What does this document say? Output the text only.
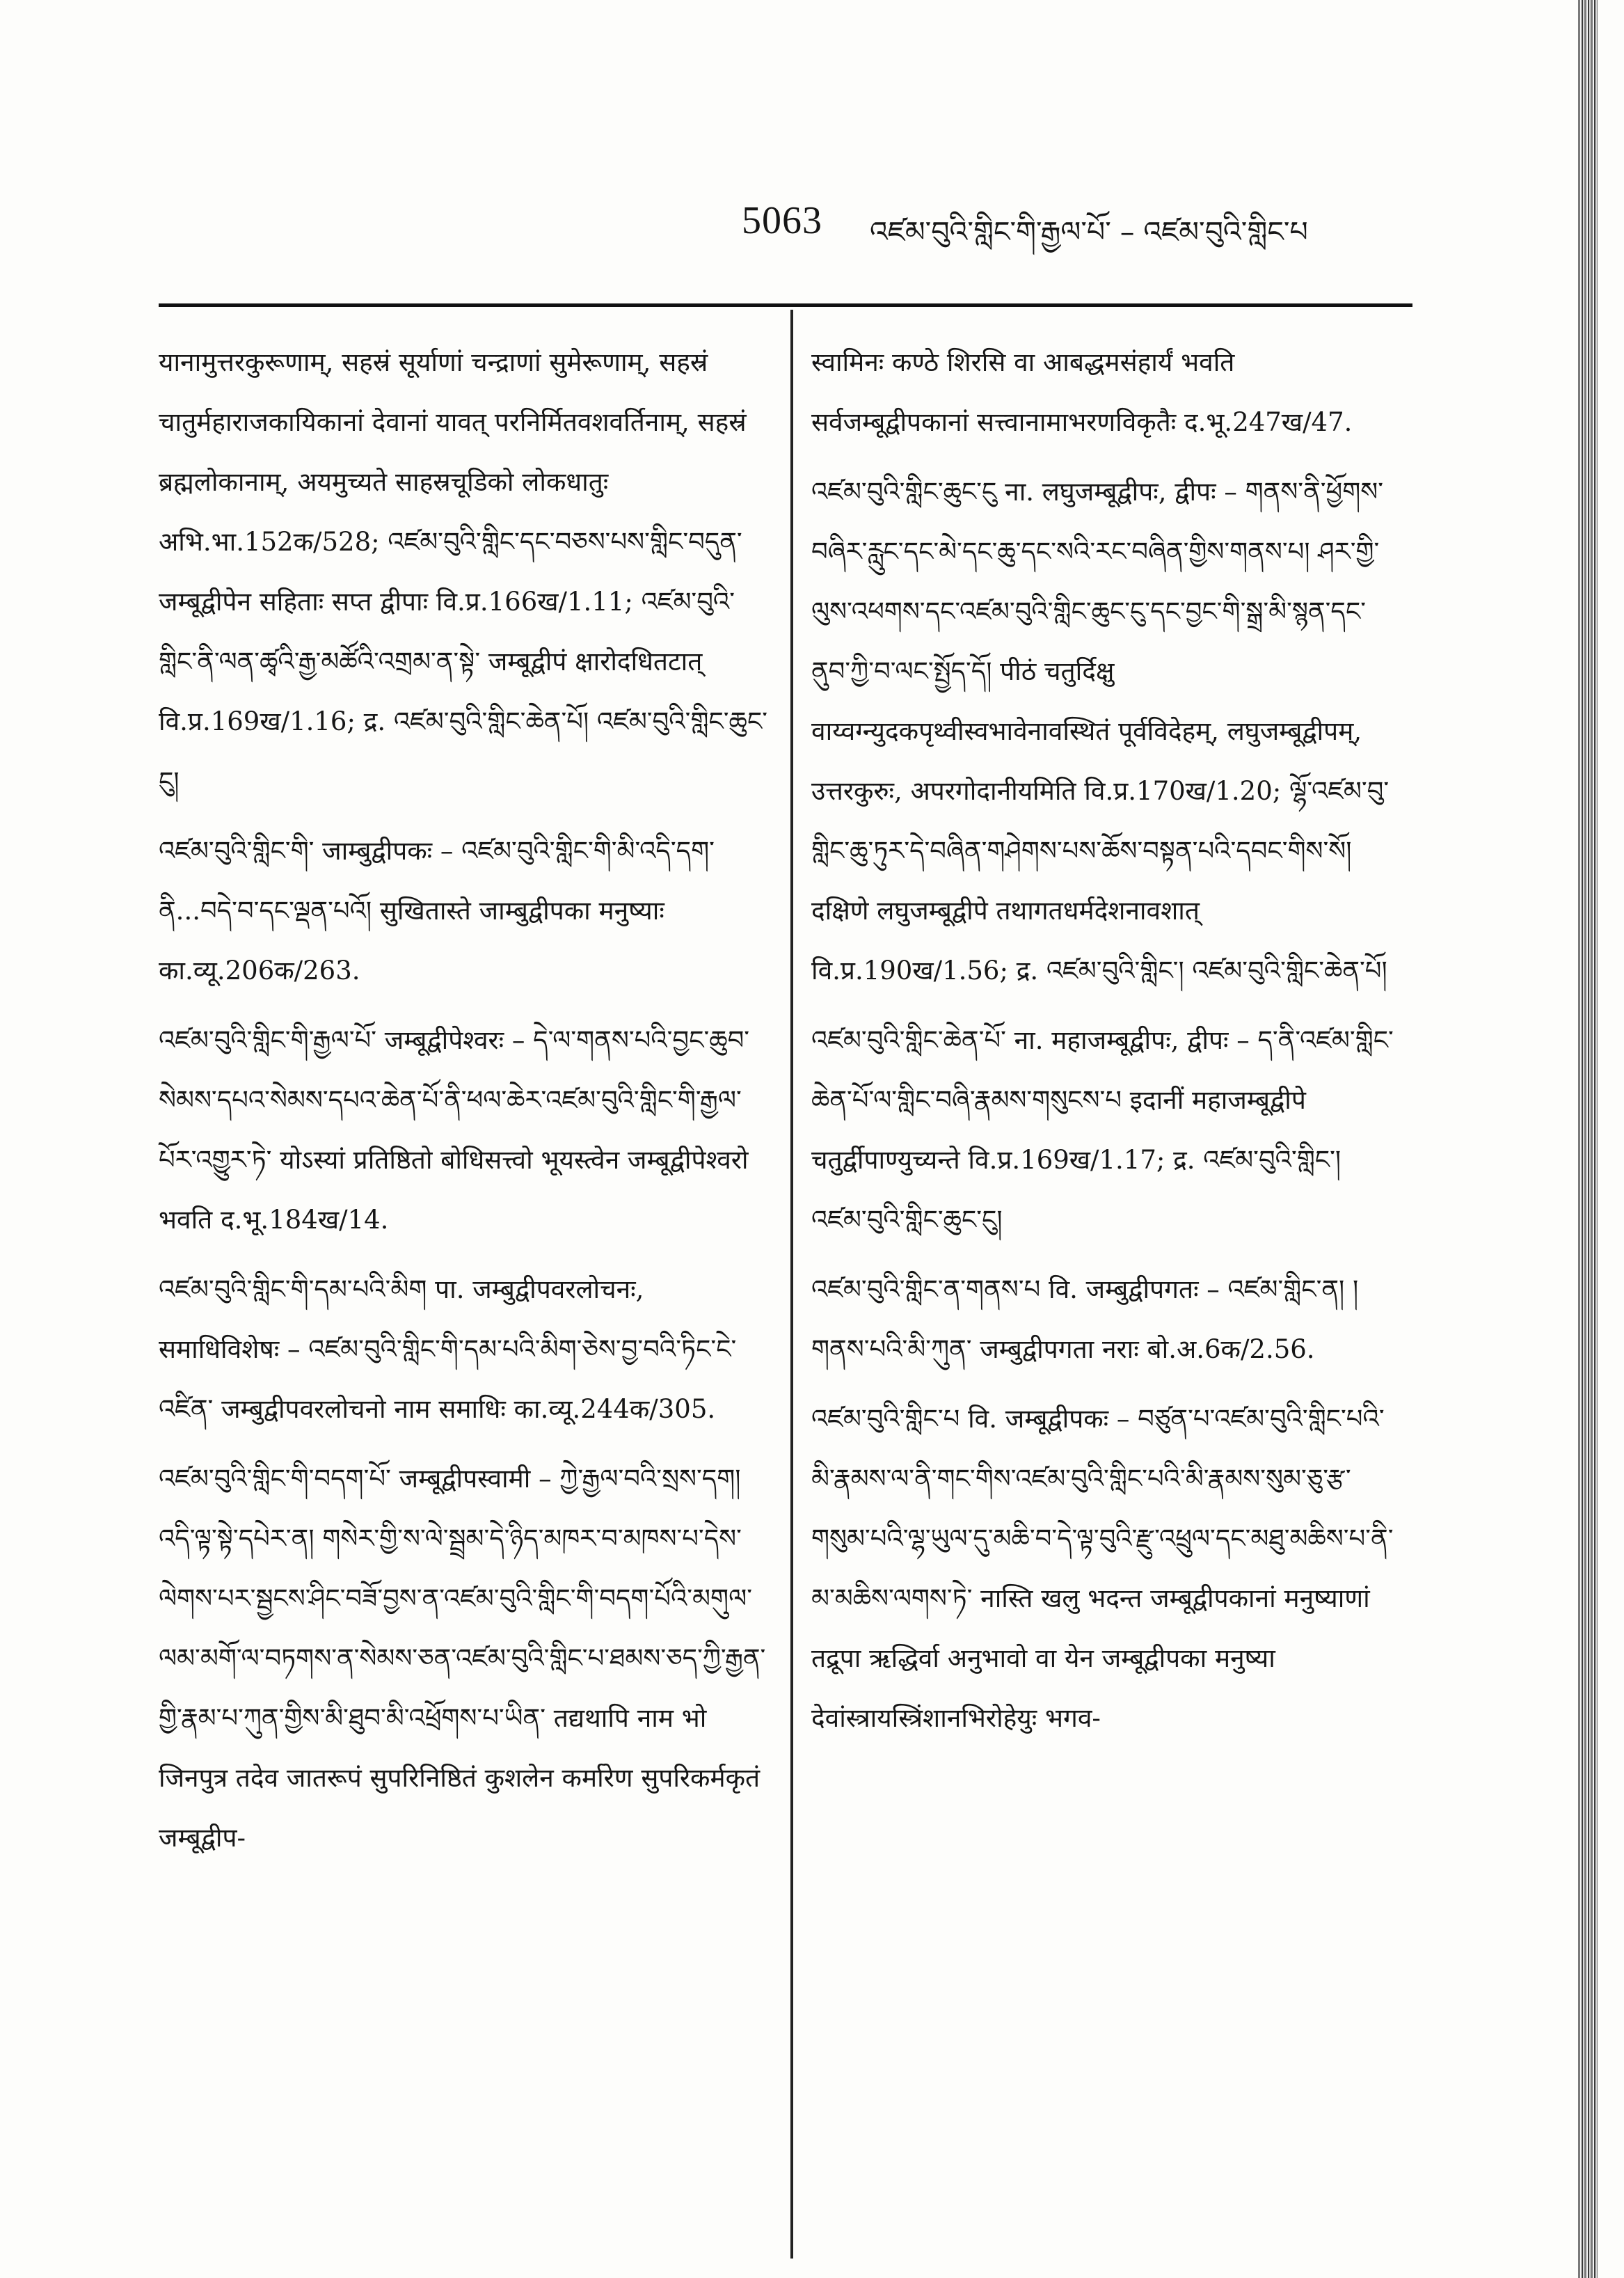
5063 འཛམ་བུའི་གླིང་གི་རྒྱལ་པོ་ – འཛམ་བུའི་གླིང་པ

यानामुत्तरकुरूणाम्, सहस्रं सूर्याणां चन्द्राणां सुमेरूणाम्, सहस्रं चातुर्महाराजकायिकानां देवानां यावत् परनिर्मितवशवर्तिनाम्, सहस्रं ब्रह्मलोकानाम्, अयमुच्यते साहस्रचूडिको लोकधातुः अभि.भा.152क/528; འཛམ་བུའི་གླིང་དང་བཅས་པས་གླིང་བདུན་ जम्बूद्वीपेन सहिताः सप्त द्वीपाः वि.प्र.166ख/1.11; འཛམ་བུའི་གླིང་ནི་ལན་ཚྭའི་རྒྱ་མཚོའི་འགྲམ་ན་སྟེ་ जम्बूद्वीपं क्षारोदधितटात् वि.प्र.169ख/1.16; द्र. འཛམ་བུའི་གླིང་ཆེན་པོ། འཛམ་བུའི་གླིང་ཆུང་ངུ།

འཛམ་བུའི་གླིང་གི་ जाम्बुद्वीपकः – འཛམ་བུའི་གླིང་གི་མི་འདི་དག་ནི...བདེ་བ་དང་ལྡན་པའོ། सुखितास्ते जाम्बुद्वीपका मनुष्याः का.व्यू.206क/263.

འཛམ་བུའི་གླིང་གི་རྒྱལ་པོ་ जम्बूद्वीपेश्वरः – དེ་ལ་གནས་པའི་བྱང་ཆུབ་སེམས་དཔའ་སེམས་དཔའ་ཆེན་པོ་ནི་ཕལ་ཆེར་འཛམ་བུའི་གླིང་གི་རྒྱལ་པོར་འགྱུར་ཏེ་ योऽस्यां प्रतिष्ठितो बोधिसत्त्वो भूयस्त्वेन जम्बूद्वीपेश्वरो भवति द.भू.184ख/14.

འཛམ་བུའི་གླིང་གི་དམ་པའི་མིག पा. जम्बुद्वीपवरलोचनः, समाधिविशेषः – འཛམ་བུའི་གླིང་གི་དམ་པའི་མིག་ཅེས་བྱ་བའི་ཏིང་ངེ་འཛིན་ जम्बुद्वीपवरलोचनो नाम समाधिः का.व्यू.244क/305.

འཛམ་བུའི་གླིང་གི་བདག་པོ་ जम्बूद्वीपस्वामी – ཀྱེ་རྒྱལ་བའི་སྲས་དག། འདི་ལྟ་སྟེ་དཔེར་ན། གསེར་གྱི་ས་ལེ་སྦྲམ་དེ་ཉིད་མཁར་བ་མཁས་པ་དེས་ལེགས་པར་སྦྱངས་ཤིང་བཟོ་བྱས་ན་འཛམ་བུའི་གླིང་གི་བདག་པོའི་མགུལ་ལམ་མགོ་ལ་བཏགས་ན་སེམས་ཅན་འཛམ་བུའི་གླིང་པ་ཐམས་ཅད་ཀྱི་རྒྱན་གྱི་རྣམ་པ་ཀུན་གྱིས་མི་ཐུབ་མི་འཕྲོགས་པ་ཡིན་ तद्यथापि नाम भो जिनपुत्र तदेव जातरूपं सुपरिनिष्ठितं कुशलेन कर्मारेण सुपरिकर्मकृतं जम्बूद्वीप-

स्वामिनः कण्ठे शिरसि वा आबद्धमसंहार्यं भवति सर्वजम्बूद्वीपकानां सत्त्वानामाभरणविकृतैः द.भू.247ख/47.

འཛམ་བུའི་གླིང་ཆུང་ངུ ना. लघुजम्बूद्वीपः, द्वीपः – གནས་ནི་ཕྱོགས་བཞིར་རླུང་དང་མེ་དང་ཆུ་དང་སའི་རང་བཞིན་གྱིས་གནས་པ། ཤར་གྱི་ལུས་འཕགས་དང་འཛམ་བུའི་གླིང་ཆུང་ངུ་དང་བྱང་གི་སྒྲ་མི་སྙན་དང་ནུབ་ཀྱི་བ་ལང་སྤྱོད་དོ། पीठं चतुर्दिक्षु वाय्वग्न्युदकपृथ्वीस्वभावेनावस्थितं पूर्वविदेहम्, लघुजम्बूद्वीपम्, उत्तरकुरुः, अपरगोदानीयमिति वि.प्र.170ख/1.20; ལྷོ་འཛམ་བུ་གླིང་ཆུ་ཏུར་དེ་བཞིན་གཤེགས་པས་ཆོས་བསྟན་པའི་དབང་གིས་སོ། दक्षिणे लघुजम्बूद्वीपे तथागतधर्मदेशनावशात् वि.प्र.190ख/1.56; द्र. འཛམ་བུའི་གླིང་། འཛམ་བུའི་གླིང་ཆེན་པོ།

འཛམ་བུའི་གླིང་ཆེན་པོ་ ना. महाजम्बूद्वीपः, द्वीपः – ད་ནི་འཛམ་གླིང་ཆེན་པོ་ལ་གླིང་བཞི་རྣམས་གསུངས་པ इदानीं महाजम्बूद्वीपे चतुर्द्वीपाण्युच्यन्ते वि.प्र.169ख/1.17; द्र. འཛམ་བུའི་གླིང་། འཛམ་བུའི་གླིང་ཆུང་ངུ།

འཛམ་བུའི་གླིང་ན་གནས་པ वि. जम्बुद्वीपगतः – འཛམ་གླིང་ན། །གནས་པའི་མི་ཀུན་ जम्बुद्वीपगता नराः बो.अ.6क/2.56.

འཛམ་བུའི་གླིང་པ वि. जम्बूद्वीपकः – བཙུན་པ་འཛམ་བུའི་གླིང་པའི་མི་རྣམས་ལ་ནི་གང་གིས་འཛམ་བུའི་གླིང་པའི་མི་རྣམས་སུམ་ཅུ་རྩ་གསུམ་པའི་ལྷ་ཡུལ་དུ་མཆི་བ་དེ་ལྟ་བུའི་རྫུ་འཕྲུལ་དང་མཐུ་མཆིས་པ་ནི་མ་མཆིས་ལགས་ཏེ་ नास्ति खलु भदन्त जम्बूद्वीपकानां मनुष्याणां तद्रूपा ऋद्धिर्वा अनुभावो वा येन जम्बूद्वीपका मनुष्या देवांस्त्रायस्त्रिंशानभिरोहेयुः भगव-
